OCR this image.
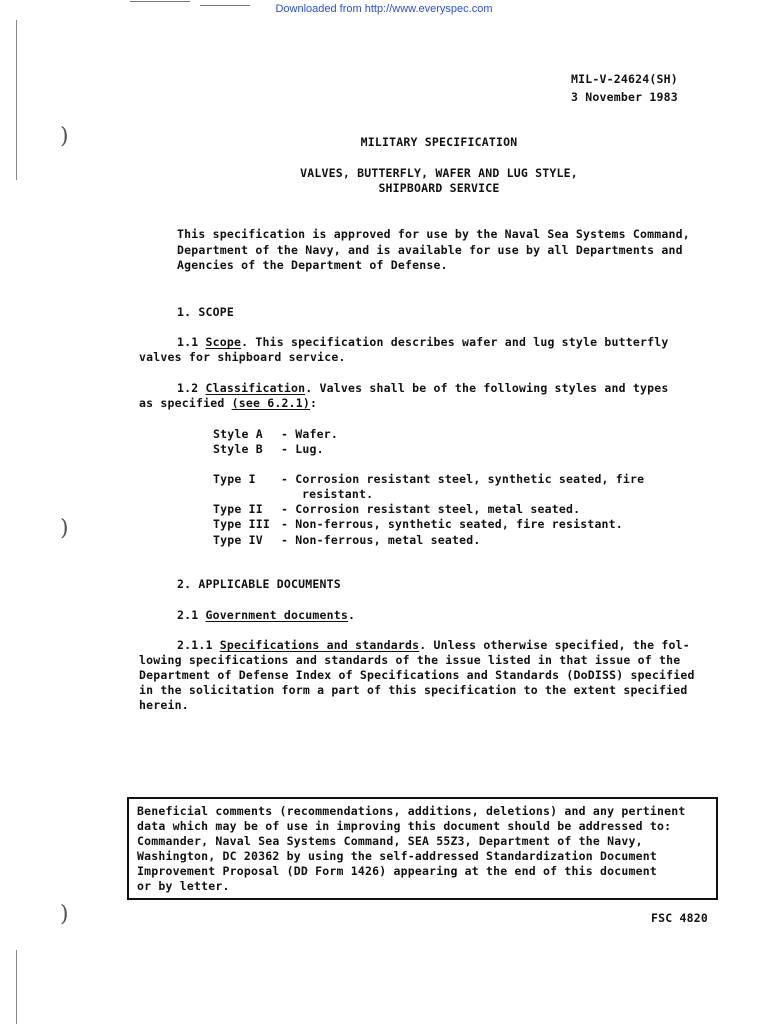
)
)
)
Downloaded from http://www.everyspec.com
MIL-V-24624(SH)
3 November 1983
MILITARY SPECIFICATION
VALVES, BUTTERFLY, WAFER AND LUG STYLE,
SHIPBOARD SERVICE
This specification is approved for use by the Naval Sea Systems Command,
Department of the Navy, and is available for use by all Departments and
Agencies of the Department of Defense.
1. SCOPE
1.1 Scope. This specification describes wafer and lug style butterfly
valves for shipboard service.
1.2 Classification. Valves shall be of the following styles and types
as specified (see 6.2.1):
Style A - Wafer.
Style B - Lug.
Type I - Corrosion resistant steel, synthetic seated, fire
resistant.
Type II - Corrosion resistant steel, metal seated.
Type III - Non-ferrous, synthetic seated, fire resistant.
Type IV - Non-ferrous, metal seated.
2. APPLICABLE DOCUMENTS
2.1 Government documents.
2.1.1 Specifications and standards. Unless otherwise specified, the fol-
lowing specifications and standards of the issue listed in that issue of the
Department of Defense Index of Specifications and Standards (DoDISS) specified
in the solicitation form a part of this specification to the extent specified
herein.
Beneficial comments (recommendations, additions, deletions) and any pertinent
data which may be of use in improving this document should be addressed to:
Commander, Naval Sea Systems Command, SEA 55Z3, Department of the Navy,
Washington, DC 20362 by using the self-addressed Standardization Document
Improvement Proposal (DD Form 1426) appearing at the end of this document
or by letter.
FSC 4820
